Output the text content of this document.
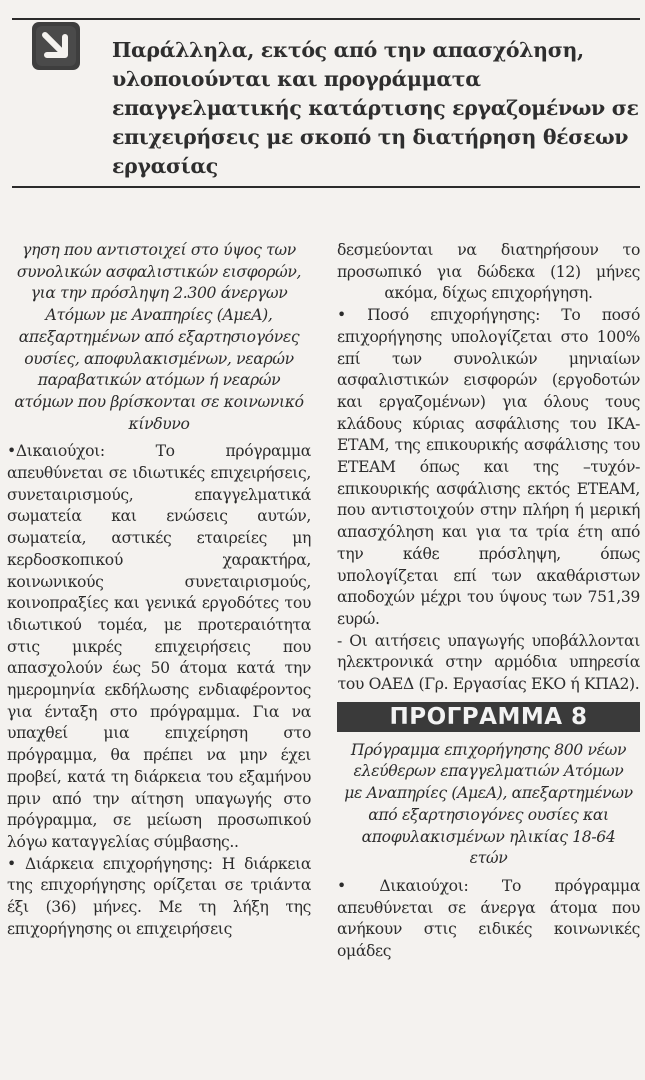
Παράλληλα, εκτός από την απασχόληση, υλοποιούνται και προγράμματα επαγγελματικής κατάρτισης εργαζομένων σε επιχειρήσεις με σκοπό τη διατήρηση θέσεων εργασίας

γηση που αντιστοιχεί στο ύψος των συνολικών ασφαλιστικών εισφορών, για την πρόσληψη 2.300 άνεργων Ατόμων με Αναπηρίες (ΑμεΑ), απεξαρτημένων από εξαρτησιογόνες ουσίες, αποφυλακισμένων, νεαρών παραβατικών ατόμων ή νεαρών ατόμων που βρίσκονται σε κοινωνικό κίνδυνο

•Δικαιούχοι: Το πρόγραμμα απευθύνεται σε ιδιωτικές επιχειρήσεις, συνεταιρισμούς, επαγγελματικά σωματεία και ενώσεις αυτών, σωματεία, αστικές εταιρείες μη κερδοσκοπικού χαρακτήρα, κοινωνικούς συνεταιρισμούς, κοινοπραξίες και γενικά εργοδότες του ιδιωτικού τομέα, με προτεραιότητα στις μικρές επιχειρήσεις που απασχολούν έως 50 άτομα κατά την ημερομηνία εκδήλωσης ενδιαφέροντος για ένταξη στο πρόγραμμα. Για να υπαχθεί μια επιχείρηση στο πρόγραμμα, θα πρέπει να μην έχει προβεί, κατά τη διάρκεια του εξαμήνου πριν από την αίτηση υπαγωγής στο πρόγραμμα, σε μείωση προσωπικού λόγω καταγγελίας σύμβασης..

• Διάρκεια επιχορήγησης: Η διάρκεια της επιχορήγησης ορίζεται σε τριάντα έξι (36) μήνες. Με τη λήξη της επιχορήγησης οι επιχειρήσεις

δεσμεύονται να διατηρήσουν το προσωπικό για δώδεκα (12) μήνες ακόμα, δίχως επιχορήγηση.

• Ποσό επιχορήγησης: Το ποσό επιχορήγησης υπολογίζεται στο 100% επί των συνολικών μηνιαίων ασφαλιστικών εισφορών (εργοδοτών και εργαζομένων) για όλους τους κλάδους κύριας ασφάλισης του ΙΚΑ-ΕΤΑΜ, της επικουρικής ασφάλισης του ΕΤΕΑΜ όπως και της –τυχόν- επικουρικής ασφάλισης εκτός ΕΤΕΑΜ, που αντιστοιχούν στην πλήρη ή μερική απασχόληση και για τα τρία έτη από την κάθε πρόσληψη, όπως υπολογίζεται επί των ακαθάριστων αποδοχών μέχρι του ύψους των 751,39 ευρώ.

- Οι αιτήσεις υπαγωγής υποβάλλονται ηλεκτρονικά στην αρμόδια υπηρεσία του ΟΑΕΔ (Γρ. Εργασίας ΕΚΟ ή ΚΠΑ2).

ΠΡΟΓΡΑΜΜΑ 8

Πρόγραμμα επιχορήγησης 800 νέων ελεύθερων επαγγελματιών Ατόμων με Αναπηρίες (ΑμεΑ), απεξαρτημένων από εξαρτησιογόνες ουσίες και αποφυλακισμένων ηλικίας 18-64 ετών

• Δικαιούχοι: Το πρόγραμμα απευθύνεται σε άνεργα άτομα που ανήκουν στις ειδικές κοινωνικές ομάδες
